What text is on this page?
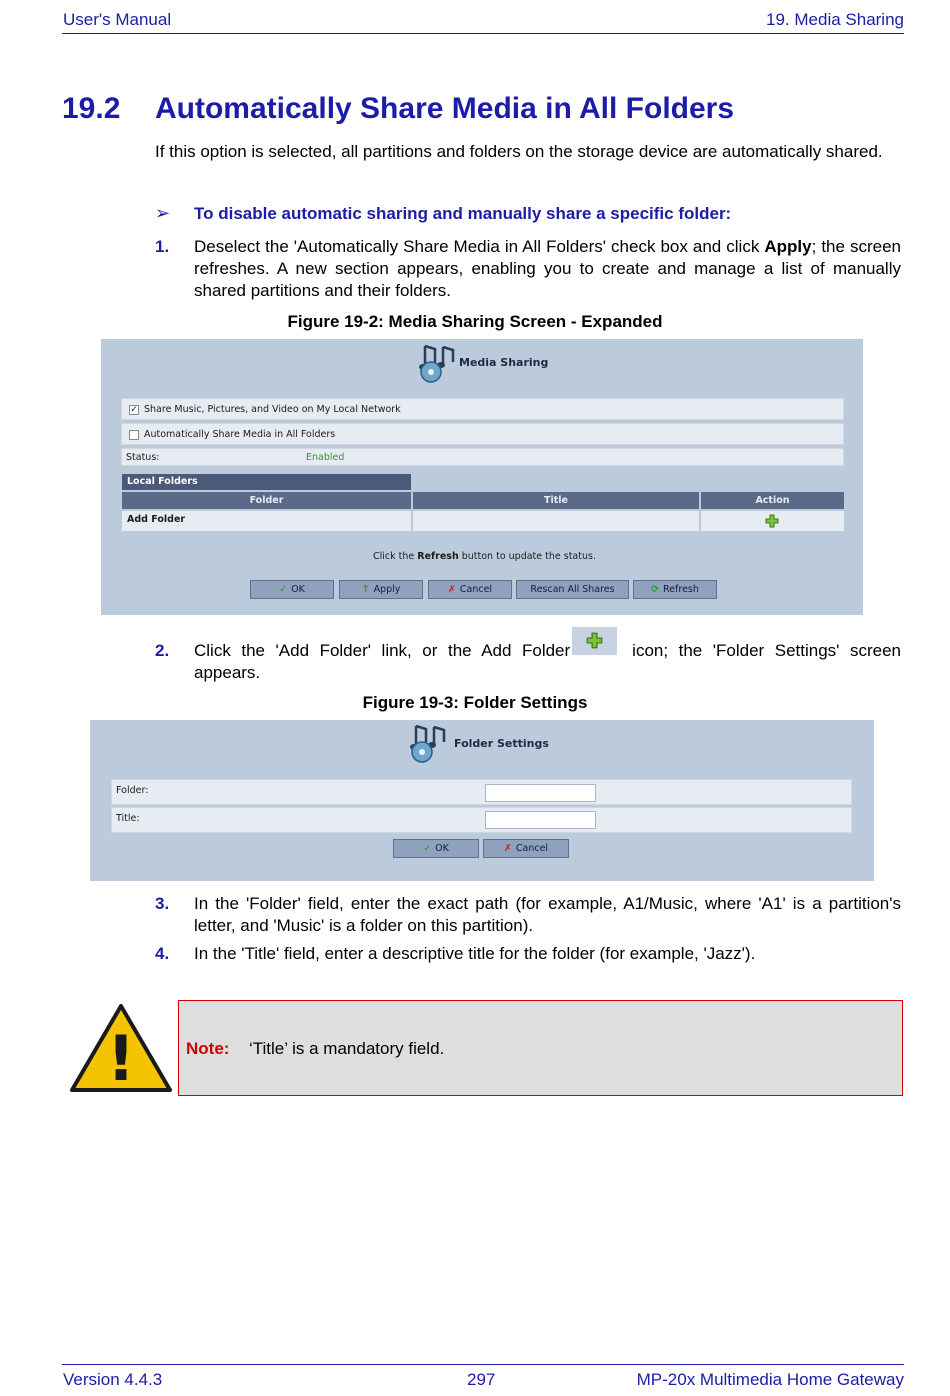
User's Manual	19. Media Sharing
19.2 Automatically Share Media in All Folders
If this option is selected, all partitions and folders on the storage device are automatically shared.
➢ To disable automatic sharing and manually share a specific folder:
1. Deselect the 'Automatically Share Media in All Folders' check box and click Apply; the screen refreshes. A new section appears, enabling you to create and manage a list of manually shared partitions and their folders.
Figure 19-2: Media Sharing Screen - Expanded
Media Sharing
✓ Share Music, Pictures, and Video on My Local Network
Automatically Share Media in All Folders
Status:	Enabled
Local Folders
Folder	Title	Action
Add Folder
Click the Refresh button to update the status.
✓ OK	↑ Apply	✗ Cancel	Rescan All Shares	⟳ Refresh
2. Click the 'Add Folder' link, or the Add Folder	icon; the 'Folder Settings' screen appears.
Figure 19-3: Folder Settings
Folder Settings
Folder:
Title:
✓ OK	✗ Cancel
3. In the 'Folder' field, enter the exact path (for example, A1/Music, where 'A1' is a partition's letter, and 'Music' is a folder on this partition).
4. In the 'Title' field, enter a descriptive title for the folder (for example, 'Jazz').
!	Note: ‘Title’ is a mandatory field.
Version 4.4.3	297	MP-20x Multimedia Home Gateway
